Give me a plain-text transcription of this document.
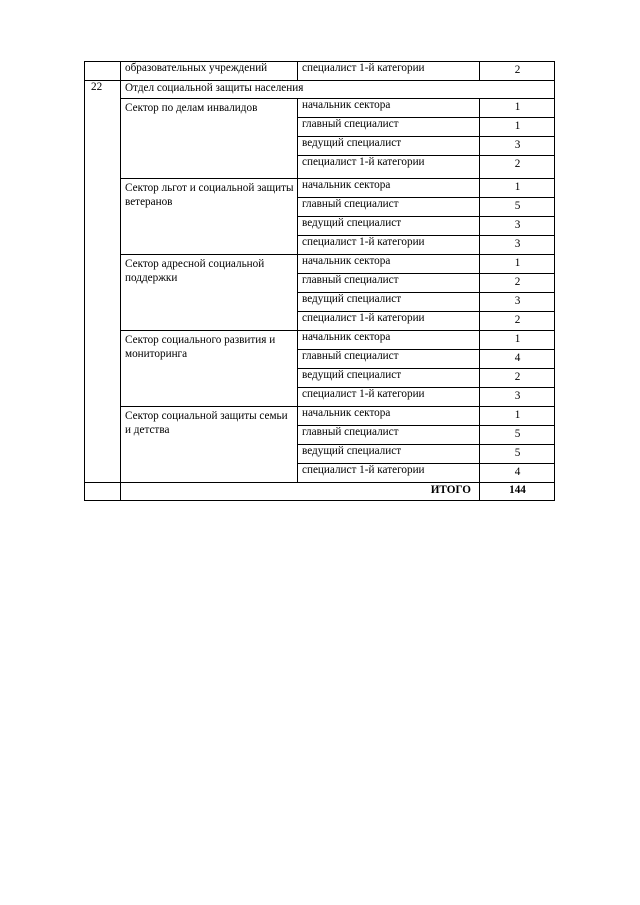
	образовательных учреждений	специалист 1-й категории	2
22	Отдел социальной защиты населения		
	Сектор по делам инвалидов	начальник сектора	1
		главный специалист	1
		ведущий специалист	3
		специалист 1-й категории	2
	Сектор льгот и социальной защиты ветеранов	начальник сектора	1
		главный специалист	5
		ведущий специалист	3
		специалист 1-й категории	3
	Сектор адресной социальной поддержки	начальник сектора	1
		главный специалист	2
		ведущий специалист	3
		специалист 1-й категории	2
	Сектор социального развития и мониторинга	начальник сектора	1
		главный специалист	4
		ведущий специалист	2
		специалист 1-й категории	3
	Сектор социальной защиты семьи и детства	начальник сектора	1
		главный специалист	5
		ведущий специалист	5
		специалист 1-й категории	4
	ИТОГО		144
